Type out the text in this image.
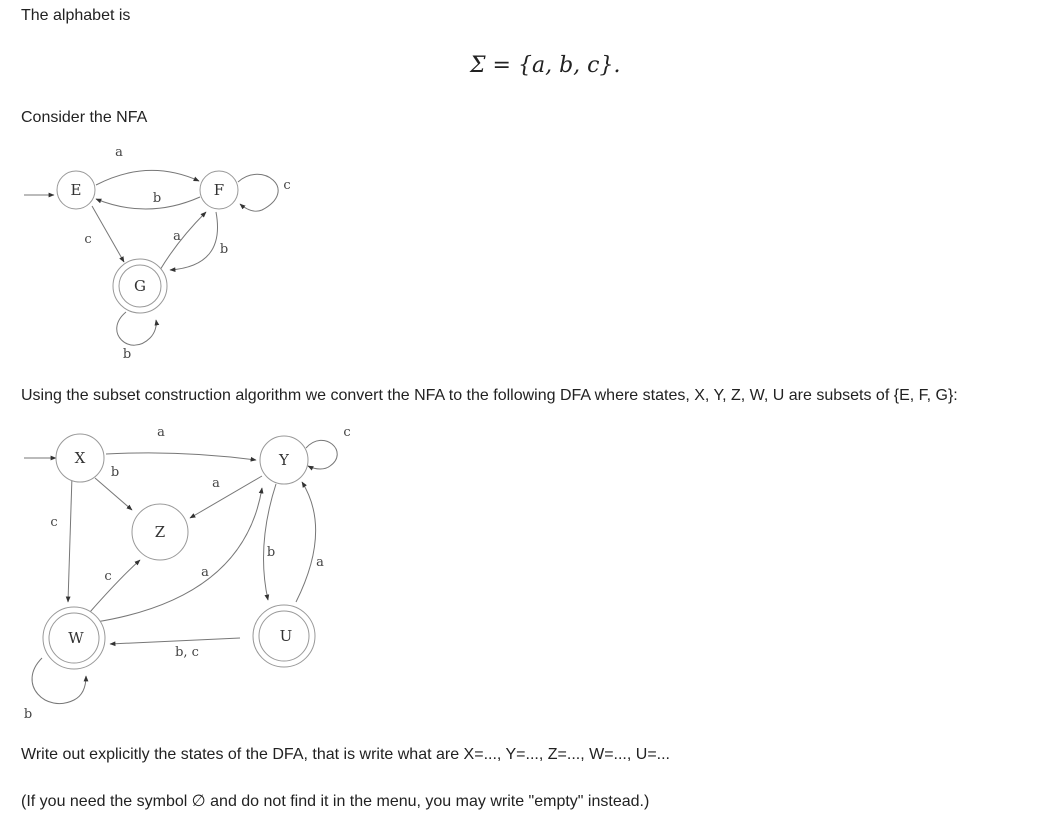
The alphabet is
Σ = {a, b, c}.
Consider the NFA
E	F
G
a
b
c
c	a
b
b
Using the subset construction algorithm we convert the NFA to the following DFA where states, X, Y, Z, W, U are subsets of {E, F, G}:
X	Y
Z
W	U
a
b
c
c
a
b
a
c	a
b, c
b
Write out explicitly the states of the DFA, that is write what are X=..., Y=..., Z=..., W=..., U=...
(If you need the symbol ∅ and do not find it in the menu, you may write "empty" instead.)
